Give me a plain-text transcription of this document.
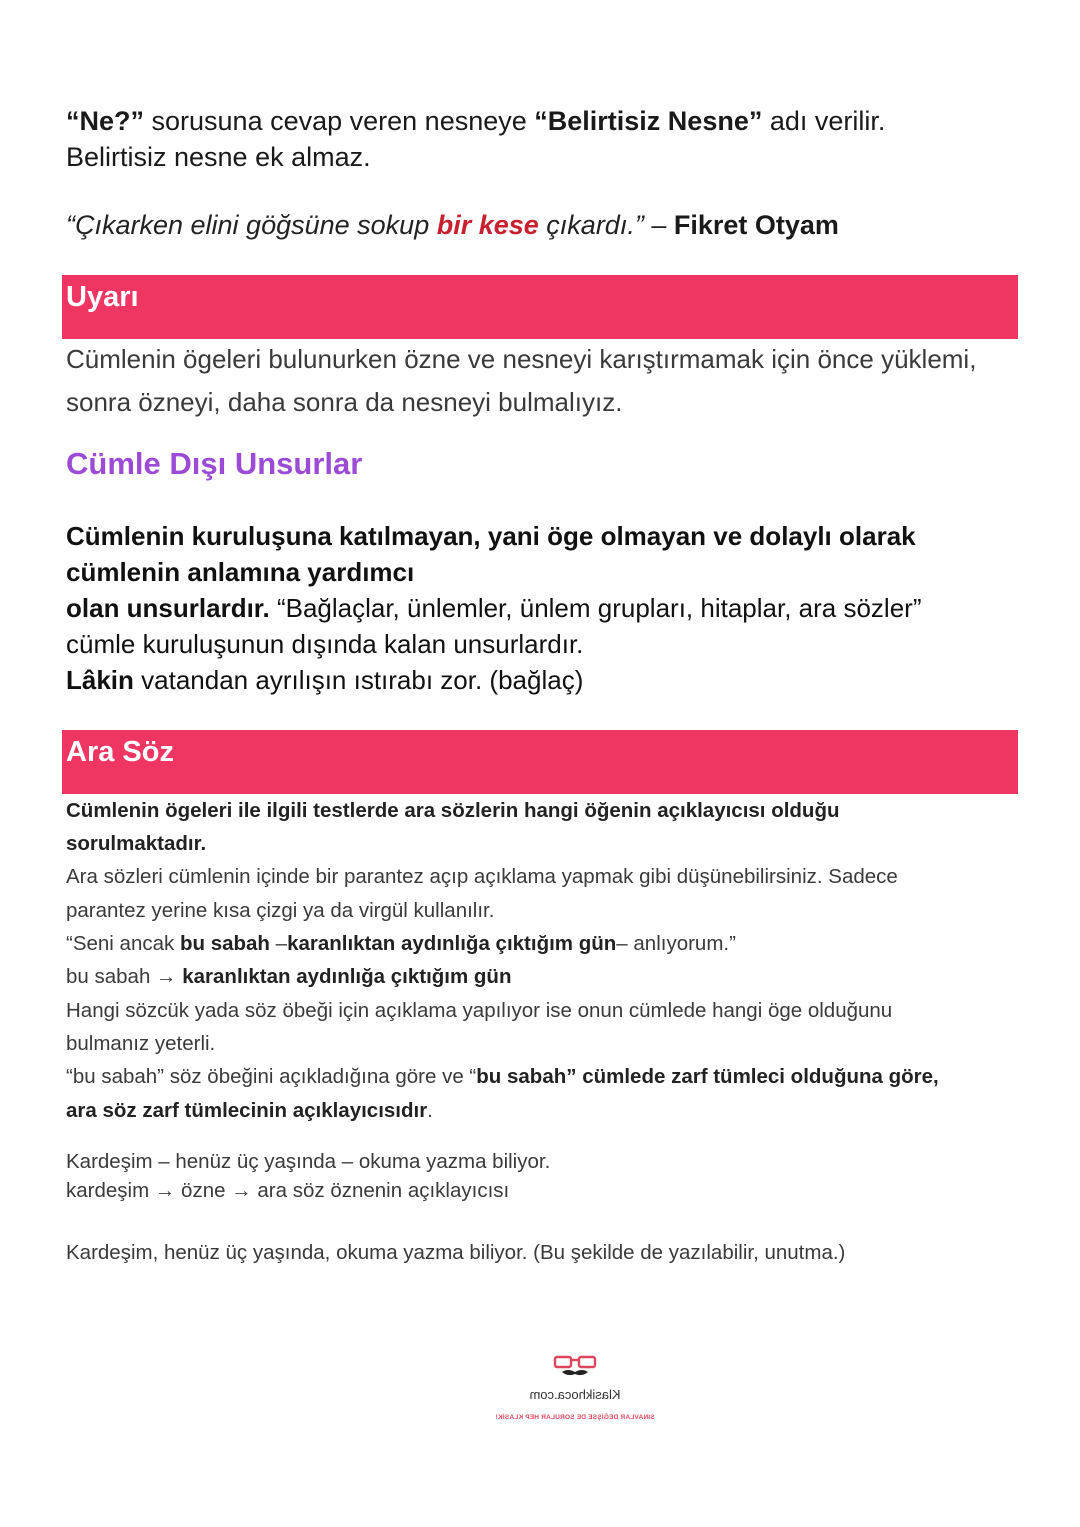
“Ne?” sorusuna cevap veren nesneye “Belirtisiz Nesne” adı verilir.
Belirtisiz nesne ek almaz.
“Çıkarken elini göğsüne sokup bir kese çıkardı.” – Fikret Otyam
Uyarı
Cümlenin ögeleri bulunurken özne ve nesneyi karıştırmamak için önce yüklemi,
sonra özneyi, daha sonra da nesneyi bulmalıyız.
Cümle Dışı Unsurlar
Cümlenin kuruluşuna katılmayan, yani öge olmayan ve dolaylı olarak
cümlenin anlamına yardımcı
olan unsurlardır. “Bağlaçlar, ünlemler, ünlem grupları, hitaplar, ara sözler”
cümle kuruluşunun dışında kalan unsurlardır.
Lâkin vatandan ayrılışın ıstırabı zor. (bağlaç)
Ara Söz
Cümlenin ögeleri ile ilgili testlerde ara sözlerin hangi öğenin açıklayıcısı olduğu
sorulmaktadır.
Ara sözleri cümlenin içinde bir parantez açıp açıklama yapmak gibi düşünebilirsiniz. Sadece
parantez yerine kısa çizgi ya da virgül kullanılır.
“Seni ancak bu sabah –karanlıktan aydınlığa çıktığım gün– anlıyorum.”
bu sabah → karanlıktan aydınlığa çıktığım gün
Hangi sözcük yada söz öbeği için açıklama yapılıyor ise onun cümlede hangi öge olduğunu
bulmanız yeterli.
“bu sabah” söz öbeğini açıkladığına göre ve “bu sabah” cümlede zarf tümleci olduğuna göre,
ara söz zarf tümlecinin açıklayıcısıdır.
Kardeşim – henüz üç yaşında – okuma yazma biliyor.
kardeşim → özne → ara söz öznenin açıklayıcısı
Kardeşim, henüz üç yaşında, okuma yazma biliyor. (Bu şekilde de yazılabilir, unutma.)
Klasikhoca.com
SINAVLAR DEĞİŞSE DE SORULAR HEP KLASİK!
